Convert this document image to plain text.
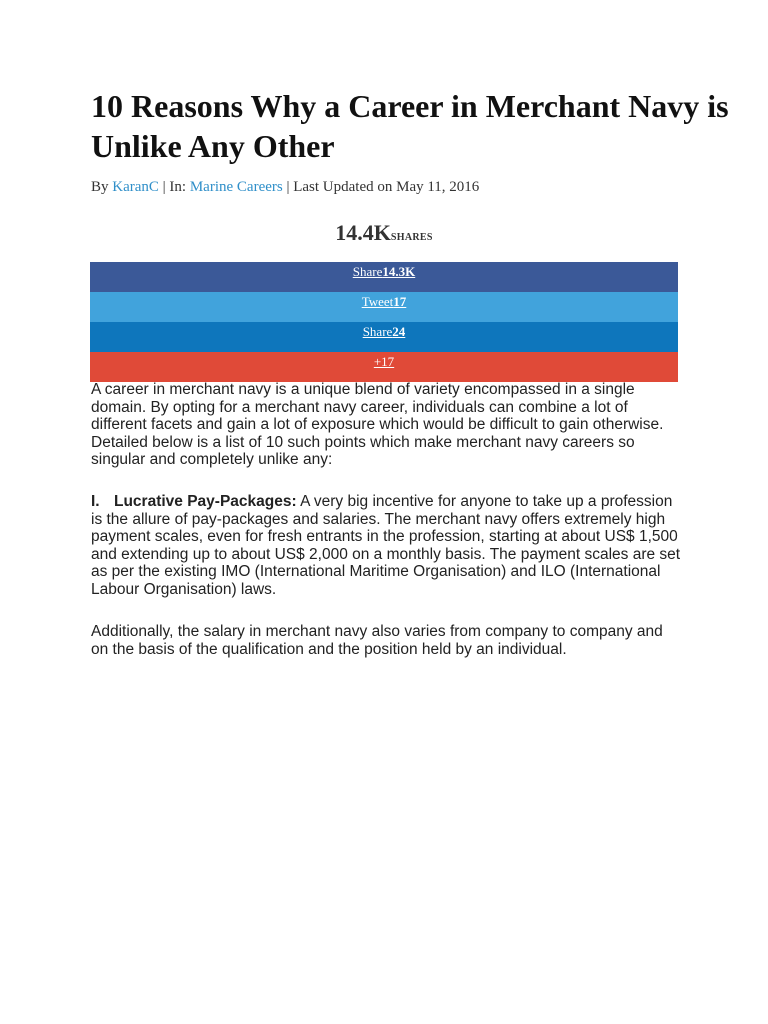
10 Reasons Why a Career in Merchant Navy is Unlike Any Other
By KaranC | In: Marine Careers | Last Updated on May 11, 2016
14.4KSHARES
Share14.3K
Tweet17
Share24
+17

A career in merchant navy is a unique blend of variety encompassed in a single domain. By opting for a merchant navy career, individuals can combine a lot of different facets and gain a lot of exposure which would be difficult to gain otherwise. Detailed below is a list of 10 such points which make merchant navy careers so singular and completely unlike any:

I. Lucrative Pay-Packages: A very big incentive for anyone to take up a profession is the allure of pay-packages and salaries. The merchant navy offers extremely high payment scales, even for fresh entrants in the profession, starting at about US$ 1,500 and extending up to about US$ 2,000 on a monthly basis. The payment scales are set as per the existing IMO (International Maritime Organisation) and ILO (International Labour Organisation) laws.

Additionally, the salary in merchant navy also varies from company to company and on the basis of the qualification and the position held by an individual.
